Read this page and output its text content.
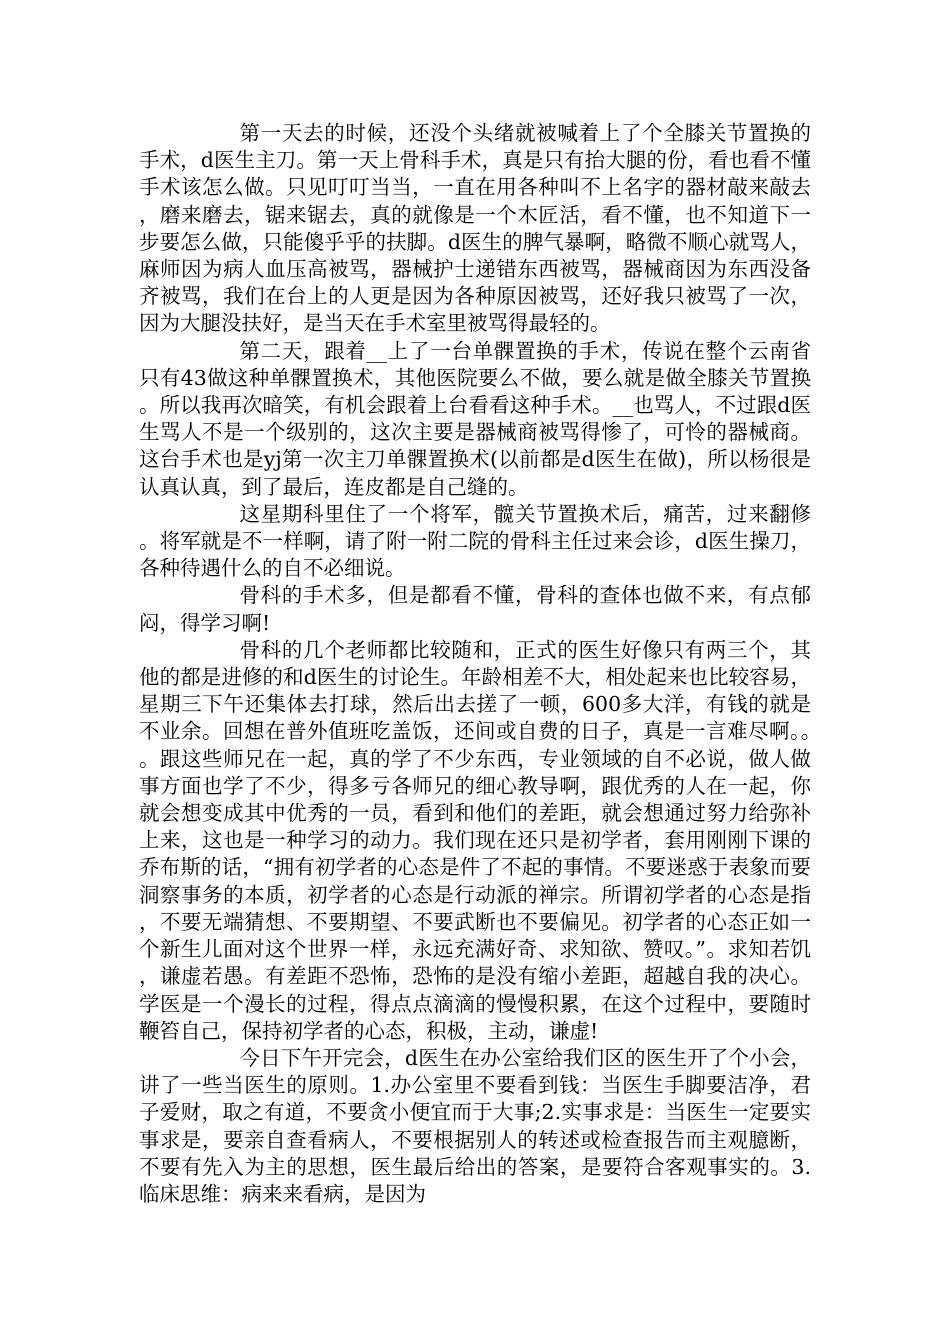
第一天去的时候，还没个头绪就被喊着上了个全膝关节置换的手术，d医生主刀。第一天上骨科手术，真是只有抬大腿的份，看也看不懂手术该怎么做。只见叮叮当当，一直在用各种叫不上名字的器材敲来敲去，磨来磨去，锯来锯去，真的就像是一个木匠活，看不懂，也不知道下一步要怎么做，只能傻乎乎的扶脚。d医生的脾气暴啊，略微不顺心就骂人，麻师因为病人血压高被骂，器械护士递错东西被骂，器械商因为东西没备齐被骂，我们在台上的人更是因为各种原因被骂，还好我只被骂了一次，因为大腿没扶好，是当天在手术室里被骂得最轻的。

第二天，跟着__上了一台单髁置换的手术，传说在整个云南省只有43做这种单髁置换术，其他医院要么不做，要么就是做全膝关节置换。所以我再次暗笑，有机会跟着上台看看这种手术。__也骂人，不过跟d医生骂人不是一个级别的，这次主要是器械商被骂得惨了，可怜的器械商。这台手术也是yj第一次主刀单髁置换术(以前都是d医生在做)，所以杨很是认真认真，到了最后，连皮都是自己缝的。

这星期科里住了一个将军，髋关节置换术后，痛苦，过来翻修。将军就是不一样啊，请了附一附二院的骨科主任过来会诊，d医生操刀，各种待遇什么的自不必细说。

骨科的手术多，但是都看不懂，骨科的查体也做不来，有点郁闷，得学习啊!

骨科的几个老师都比较随和，正式的医生好像只有两三个，其他的都是进修的和d医生的讨论生。年龄相差不大，相处起来也比较容易，星期三下午还集体去打球，然后出去搓了一顿，600多大洋，有钱的就是不业余。回想在普外值班吃盖饭，还间或自费的日子，真是一言难尽啊。。。跟这些师兄在一起，真的学了不少东西，专业领域的自不必说，做人做事方面也学了不少，得多亏各师兄的细心教导啊，跟优秀的人在一起，你就会想变成其中优秀的一员，看到和他们的差距，就会想通过努力给弥补上来，这也是一种学习的动力。我们现在还只是初学者，套用刚刚下课的乔布斯的话，“拥有初学者的心态是件了不起的事情。不要迷惑于表象而要洞察事务的本质，初学者的心态是行动派的禅宗。所谓初学者的心态是指，不要无端猜想、不要期望、不要武断也不要偏见。初学者的心态正如一个新生儿面对这个世界一样，永远充满好奇、求知欲、赞叹。”。求知若饥，谦虚若愚。有差距不恐怖，恐怖的是没有缩小差距，超越自我的决心。学医是一个漫长的过程，得点点滴滴的慢慢积累，在这个过程中，要随时鞭笞自己，保持初学者的心态，积极，主动，谦虚!

今日下午开完会，d医生在办公室给我们区的医生开了个小会，讲了一些当医生的原则。1.办公室里不要看到钱：当医生手脚要洁净，君子爱财，取之有道，不要贪小便宜而于大事;2.实事求是：当医生一定要实事求是，要亲自查看病人，不要根据别人的转述或检查报告而主观臆断，不要有先入为主的思想，医生最后给出的答案，是要符合客观事实的。3.临床思维：病来来看病，是因为
